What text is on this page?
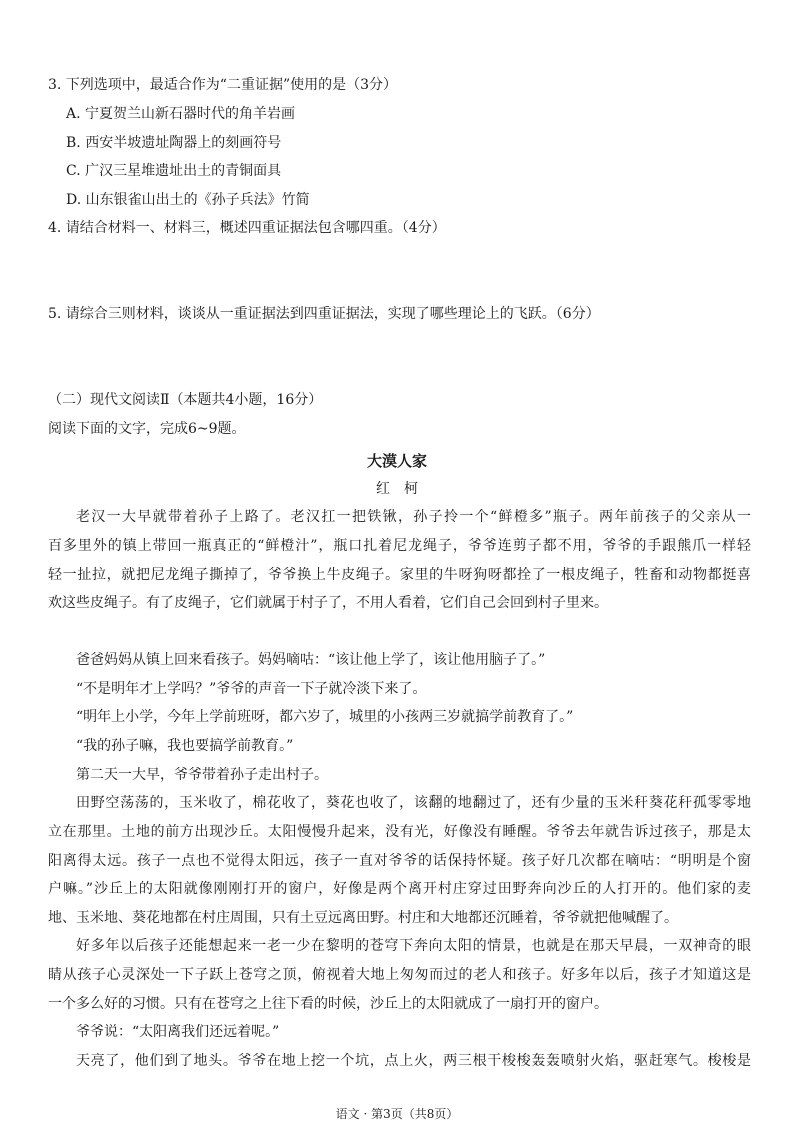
3. 下列选项中，最适合作为“二重证据”使用的是（3分）
A. 宁夏贺兰山新石器时代的角羊岩画
B. 西安半坡遗址陶器上的刻画符号
C. 广汉三星堆遗址出土的青铜面具
D. 山东银雀山出土的《孙子兵法》竹简
4. 请结合材料一、材料三，概述四重证据法包含哪四重。（4分）
5. 请综合三则材料，谈谈从一重证据法到四重证据法，实现了哪些理论上的飞跃。（6分）
（二）现代文阅读Ⅱ（本题共4小题，16分）
阅读下面的文字，完成6~9题。
大漠人家
红柯
老汉一大早就带着孙子上路了。老汉扛一把铁锹，孙子拎一个“鲜橙多”瓶子。两年前孩子的父亲从一
百多里外的镇上带回一瓶真正的“鲜橙汁”，瓶口扎着尼龙绳子，爷爷连剪子都不用，爷爷的手跟熊爪一样轻
轻一扯拉，就把尼龙绳子撕掉了，爷爷换上牛皮绳子。家里的牛呀狗呀都拴了一根皮绳子，牲畜和动物都挺喜
欢这些皮绳子。有了皮绳子，它们就属于村子了，不用人看着，它们自己会回到村子里来。
爸爸妈妈从镇上回来看孩子。妈妈嘀咕：“该让他上学了，该让他用脑子了。”
“不是明年才上学吗？”爷爷的声音一下子就冷淡下来了。
“明年上小学，今年上学前班呀，都六岁了，城里的小孩两三岁就搞学前教育了。”
“我的孙子嘛，我也要搞学前教育。”
第二天一大早，爷爷带着孙子走出村子。
田野空荡荡的，玉米收了，棉花收了，葵花也收了，该翻的地翻过了，还有少量的玉米秆葵花秆孤零零地
立在那里。土地的前方出现沙丘。太阳慢慢升起来，没有光，好像没有睡醒。爷爷去年就告诉过孩子，那是太
阳离得太远。孩子一点也不觉得太阳远，孩子一直对爷爷的话保持怀疑。孩子好几次都在嘀咕：“明明是个窗
户嘛。”沙丘上的太阳就像刚刚打开的窗户，好像是两个离开村庄穿过田野奔向沙丘的人打开的。他们家的麦
地、玉米地、葵花地都在村庄周围，只有土豆远离田野。村庄和大地都还沉睡着，爷爷就把他喊醒了。
好多年以后孩子还能想起来一老一少在黎明的苍穹下奔向太阳的情景，也就是在那天早晨，一双神奇的眼
睛从孩子心灵深处一下子跃上苍穹之顶，俯视着大地上匆匆而过的老人和孩子。好多年以后，孩子才知道这是
一个多么好的习惯。只有在苍穹之上往下看的时候，沙丘上的太阳就成了一扇打开的窗户。
爷爷说：“太阳离我们还远着呢。”
天亮了，他们到了地头。爷爷在地上挖一个坑，点上火，两三根干梭梭轰轰喷射火焰，驱赶寒气。梭梭是
语文 · 第3页（共8页）
